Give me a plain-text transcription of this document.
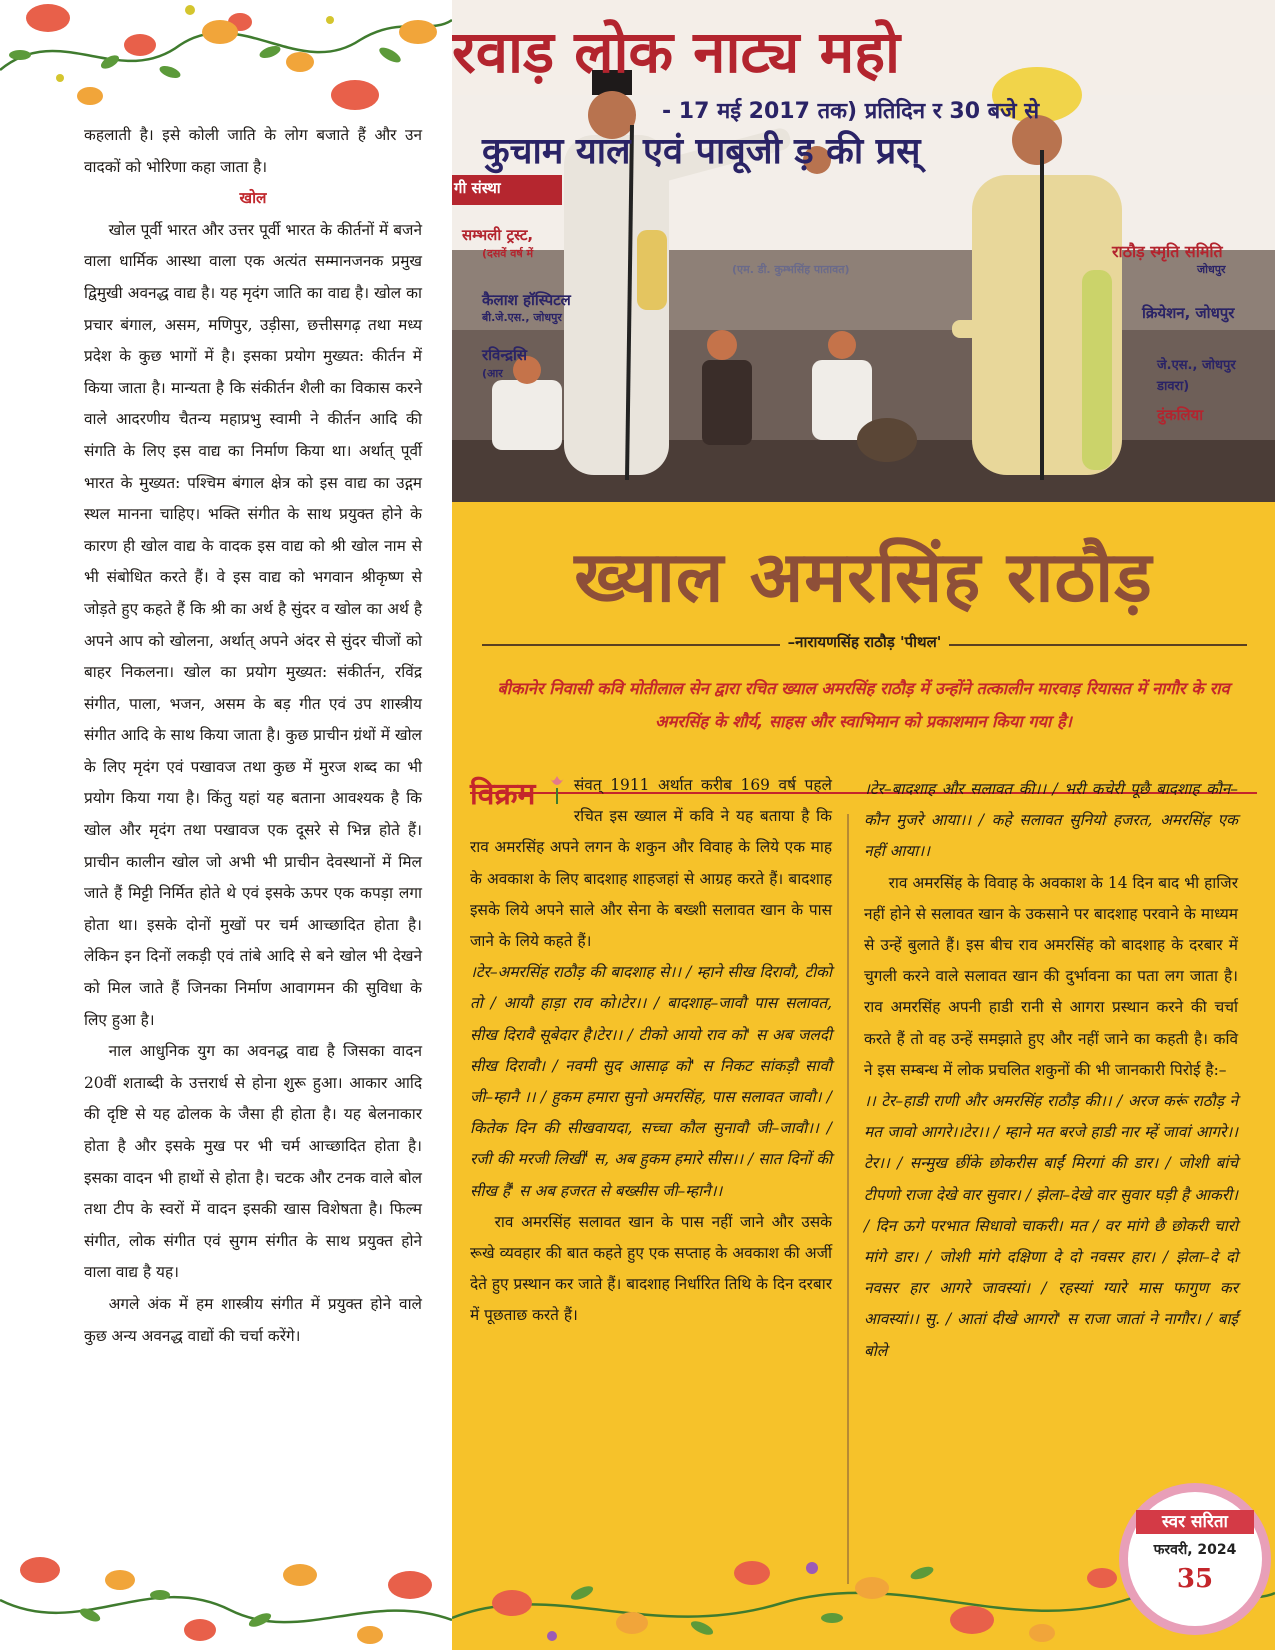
कहलाती है। इसे कोली जाति के लोग बजाते हैं और उन वादकों को भोरिणा कहा जाता है।

खोल

खोल पूर्वी भारत और उत्तर पूर्वी भारत के कीर्तनों में बजने वाला धार्मिक आस्था वाला एक अत्यंत सम्मानजनक प्रमुख द्विमुखी अवनद्ध वाद्य है। यह मृदंग जाति का वाद्य है। खोल का प्रचार बंगाल, असम, मणिपुर, उड़ीसा, छत्तीसगढ़ तथा मध्य प्रदेश के कुछ भागों में है। इसका प्रयोग मुख्यत: कीर्तन में किया जाता है। मान्यता है कि संकीर्तन शैली का विकास करने वाले आदरणीय चैतन्य महाप्रभु स्वामी ने कीर्तन आदि की संगति के लिए इस वाद्य का निर्माण किया था। अर्थात् पूर्वी भारत के मुख्यत: पश्चिम बंगाल क्षेत्र को इस वाद्य का उद्गम स्थल मानना चाहिए। भक्ति संगीत के साथ प्रयुक्त होने के कारण ही खोल वाद्य के वादक इस वाद्य को श्री खोल नाम से भी संबोधित करते हैं। वे इस वाद्य को भगवान श्रीकृष्ण से जोड़ते हुए कहते हैं कि श्री का अर्थ है सुंदर व खोल का अर्थ है अपने आप को खोलना, अर्थात् अपने अंदर से सुंदर चीजों को बाहर निकलना। खोल का प्रयोग मुख्यत: संकीर्तन, रविंद्र संगीत, पाला, भजन, असम के बड़ गीत एवं उप शास्त्रीय संगीत आदि के साथ किया जाता है। कुछ प्राचीन ग्रंथों में खोल के लिए मृदंग एवं पखावज तथा कुछ में मुरज शब्द का भी प्रयोग किया गया है। किंतु यहां यह बताना आवश्यक है कि खोल और मृदंग तथा पखावज एक दूसरे से भिन्न होते हैं। प्राचीन कालीन खोल जो अभी भी प्राचीन देवस्थानों में मिल जाते हैं मिट्टी निर्मित होते थे एवं इसके ऊपर एक कपड़ा लगा होता था। इसके दोनों मुखों पर चर्म आच्छादित होता है। लेकिन इन दिनों लकड़ी एवं तांबे आदि से बने खोल भी देखने को मिल जाते हैं जिनका निर्माण आवागमन की सुविधा के लिए हुआ है।

नाल आधुनिक युग का अवनद्ध वाद्य है जिसका वादन 20वीं शताब्दी के उत्तरार्ध से होना शुरू हुआ। आकार आदि की दृष्टि से यह ढोलक के जैसा ही होता है। यह बेलनाकार होता है और इसके मुख पर भी चर्म आच्छादित होता है। इसका वादन भी हाथों से होता है। चटक और टनक वाले बोल तथा टीप के स्वरों में वादन इसकी खास विशेषता है। फिल्म संगीत, लोक संगीत एवं सुगम संगीत के साथ प्रयुक्त होने वाला वाद्य है यह।

अगले अंक में हम शास्त्रीय संगीत में प्रयुक्त होने वाले कुछ अन्य अवनद्ध वाद्यों की चर्चा करेंगे।

रवाड़ लोक नाट्य महो
- 17 मई 2017 तक) प्रतिदिन र 30 बजे से
कुचाम याल एवं पाबूजी ड़ की प्रस्
गी संस्था
सम्भली ट्रस्ट,
(दसवें वर्ष में
कैलाश हॉस्पिटल
बी.जे.एस., जोधपुर
रविन्द्रसि
(आर
राठौड़ स्मृति समिति
जोधपुर
क्रियेशन, जोधपुर
जे.एस., जोधपुर
डावरा)
दुंकलिया
(एम. डी. कुम्भसिंह पातावत)
ख्याल अमरसिंह राठौड़
–नारायणसिंह राठौड़ 'पीथल'
बीकानेर निवासी कवि मोतीलाल सेन द्वारा रचित ख्याल अमरसिंह राठौड़ में उन्होंने तत्कालीन मारवाड़ रियासत में नागौर के राव अमरसिंह के शौर्य, साहस और स्वाभिमान को प्रकाशमान किया गया है।
विक्रम	संवत् 1911 अर्थात करीब 169 वर्ष पहले रचित इस ख्याल में कवि ने यह बताया है कि राव अमरसिंह अपने लगन के शकुन और विवाह के लिये एक माह के अवकाश के लिए बादशाह शाहजहां से आग्रह करते हैं। बादशाह इसके लिये अपने साले और सेना के बख्शी सलावत खान के पास जाने के लिये कहते हैं।

।टेर–अमरसिंह राठौड़ की बादशाह से।। / म्हाने सीख दिरावौ, टीको तो / आयौ हाड़ा राव को।टेर।। / बादशाह–जावौ पास सलावत, सीख दिरावै सूबेदार है।टेर।। / टीको आयो राव को' स अब जलदी सीख दिरावौ। / नवमी सुद आसाढ़ को' स निकट सांकड़ौ सावौ जी–म्हानै ।। / हुकम हमारा सुनो अमरसिंह, पास सलावत जावौ। / कितेक दिन की सीखवायदा, सच्चा कौल सुनावौ जी–जावौ।। / रजी की मरजी लिखीं' स, अब हुकम हमारे सीस।। / सात दिनों की सीख हैं' स अब हजरत से बख्सीस जी–म्हानै।।

राव अमरसिंह सलावत खान के पास नहीं जाने और उसके रूखे व्यवहार की बात कहते हुए एक सप्ताह के अवकाश की अर्जी देते हुए प्रस्थान कर जाते हैं। बादशाह निर्धारित तिथि के दिन दरबार में पूछताछ करते हैं।

।टेर–बादशाह और सलावत की।। / भरी कचेरी पूछै बादशाह कौन–कौन मुजरे आया।। / कहे सलावत सुनियो हजरत, अमरसिंह एक नहीं आया।।

राव अमरसिंह के विवाह के अवकाश के 14 दिन बाद भी हाजिर नहीं होने से सलावत खान के उकसाने पर बादशाह परवाने के माध्यम से उन्हें बुलाते हैं। इस बीच राव अमरसिंह को बादशाह के दरबार में चुगली करने वाले सलावत खान की दुर्भावना का पता लग जाता है। राव अमरसिंह अपनी हाडी रानी से आगरा प्रस्थान करने की चर्चा करते हैं तो वह उन्हें समझाते हुए और नहीं जाने का कहती है। कवि ने इस सम्बन्ध में लोक प्रचलित शकुनों की भी जानकारी पिरोई है:–

।। टेर–हाडी राणी और अमरसिंह राठौड़ की।। / अरज करूं राठौड़ ने मत जावो आगरे।।टेर।। / म्हाने मत बरजे हाडी नार म्हें जावां आगरे।।टेर।। / सन्मुख छींके छोकरीस बाईं मिरगां की डार। / जोशी बांचे टीपणो राजा देखे वार सुवार। / झेला–देखे वार सुवार घड़ी है आकरी। / दिन ऊगे परभात सिधावो चाकरी। मत / वर मांगे छै छोकरी चारो मांगे डार। / जोशी मांगे दक्षिणा दे दो नवसर हार। / झेला–दे दो नवसर हार आगरे जावस्यां। / रहस्यां ग्यारे मास फागुण कर आवस्यां।। सु. / आतां दीखे आगरो' स राजा जातां ने नागौर। / बाईं बोले

स्वर सरिता
फरवरी, 2024
35
